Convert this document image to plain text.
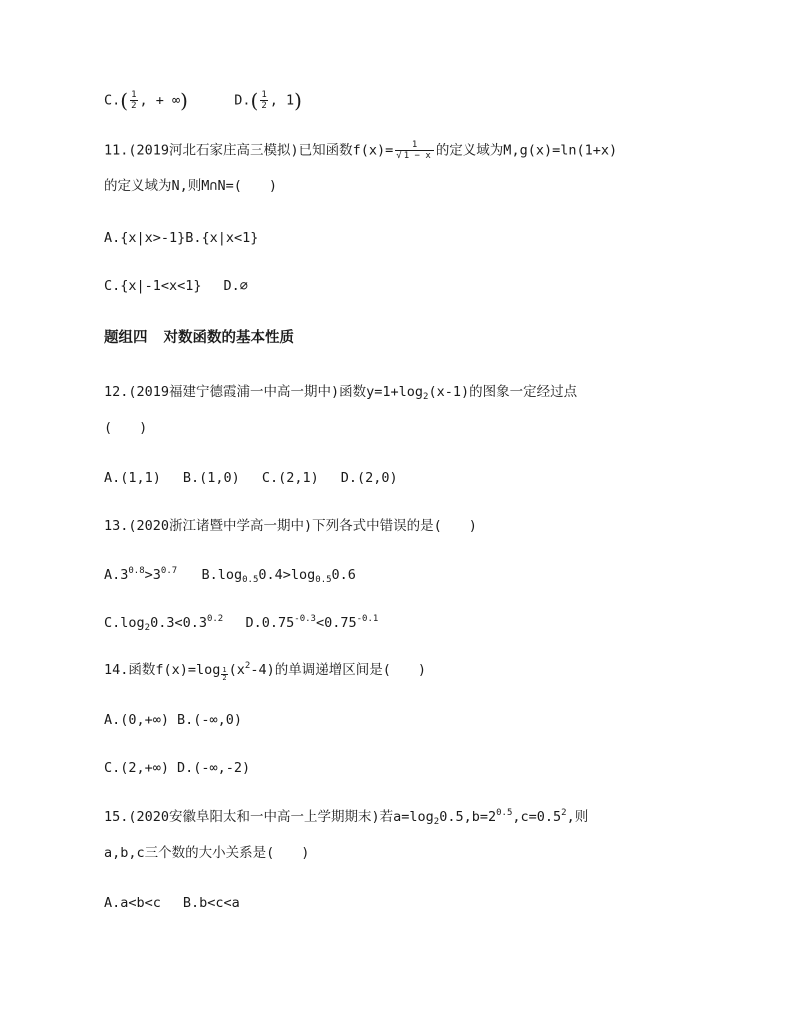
$C.( \frac{1}{2}$ , + ∞)	$D.( \frac{1}{2}$ , 1)
11.(2019河北石家庄高三模拟)已知函数$f(x)= \frac{1}{√ 1 - x}$ 的定义域为M,g(x)=ln(1+x)
的定义域为N,则M∩N=(　　)
A.{x|x>-1}B.{x|x<1}
C.{x|-1<x<1} D.∅
题组四 对数函数的基本性质
12.(2019福建宁德霞浦一中高一期中)函数$y=1+\log_2(x-1)$的图象一定经过点
(　　)
A.(1,1) B.(1,0) C.(2,1) D.(2,0)
13.(2020浙江诸暨中学高一期中)下列各式中错误的是(　　)
$A.3^{0.8}>3^{0.7}$ $B.\log_{0.5}0.4>\log_{0.5}0.6$
$C.\log_20.3<0.3^{0.2}$ $D.0.75^{-0.3}<0.75^{-0.1}$
14.函数$f(x)=\log \frac{1}{2} (x^2-4)$的单调递增区间是(　　)
A.(0,+∞) B.(-∞,0)
C.(2,+∞) D.(-∞,-2)
15.(2020安徽阜阳太和一中高一上学期期末)若$a=\log_20.5,b=2^{0.5},c=0.5^2$,则
a,b,c三个数的大小关系是(　　)
A.a<b<c B.b<c<a
